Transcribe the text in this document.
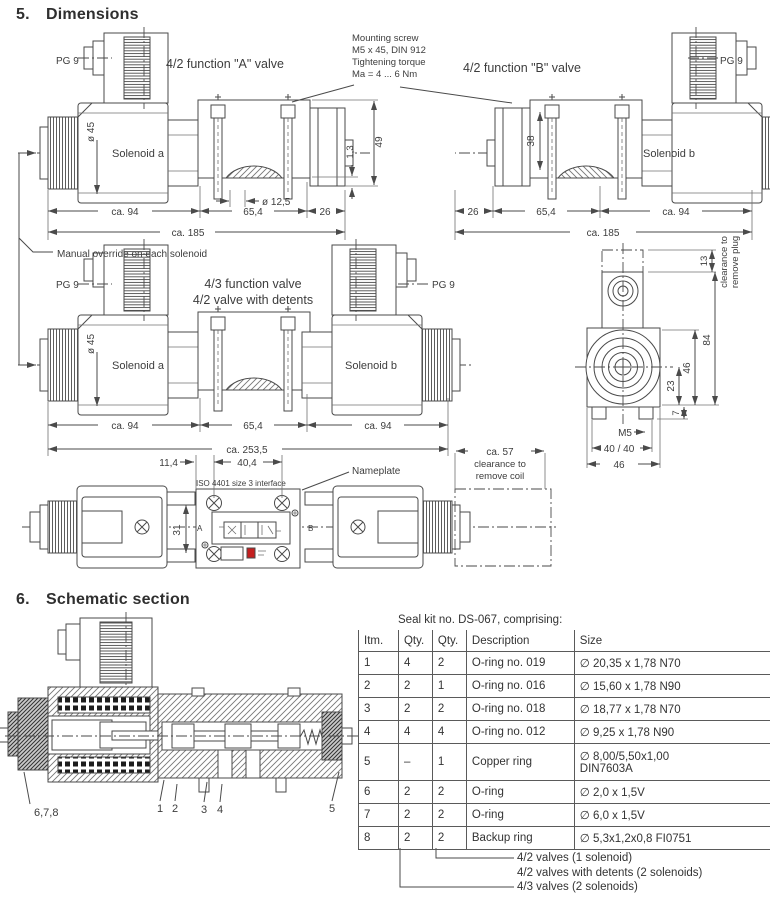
PG 9	4/2 function "A" valve
ø 45
Solenoid a	1,3
49
ø 12,5
ca. 94	65,4	26
ca. 185
Manual override on each solenoid
PG 9
4/2 function "B" valve
38
Solenoid b
26	65,4	ca. 94
ca. 185
PG 9	PG 9
4/3 function valve
4/2 valve with detents
ø 45
Solenoid a	Solenoid b
ca. 94	65,4	ca. 94
ca. 253,5
13 clearance to remove plug
84
46
23
7
M5
40 / 40
46
11,4	40,4
ISO 4401 size 3 interface
Nameplate
31 A	B
ca. 57
clearance to
remove coil
6,7,8	1 2 3 4	5
5.	Dimensions
Mounting screw
M5 x 45, DIN 912
Tightening torque
Ma = 4 ... 6 Nm
6.	Schematic section
Seal kit no. DS-067, comprising:
Itm.	Qty.	Qty.	Description	Size
1	4	2	O-ring no. 019	∅ 20,35 x 1,78 N70
2	2	1	O-ring no. 016	∅ 15,60 x 1,78 N90
3	2	2	O-ring no. 018	∅ 18,77 x 1,78 N70
4	4	4	O-ring no. 012	∅ 9,25 x 1,78 N90
5	–	1	Copper ring	∅ 8,00/5,50x1,00
DIN7603A

6	2	2	O-ring	∅ 2,0 x 1,5V
7	2	2	O-ring	∅ 6,0 x 1,5V
8	2	2	Backup ring	∅ 5,3x1,2x0,8 FI0751
4/2 valves (1 solenoid)
4/2 valves with detents (2 solenoids)
4/3 valves (2 solenoids)
